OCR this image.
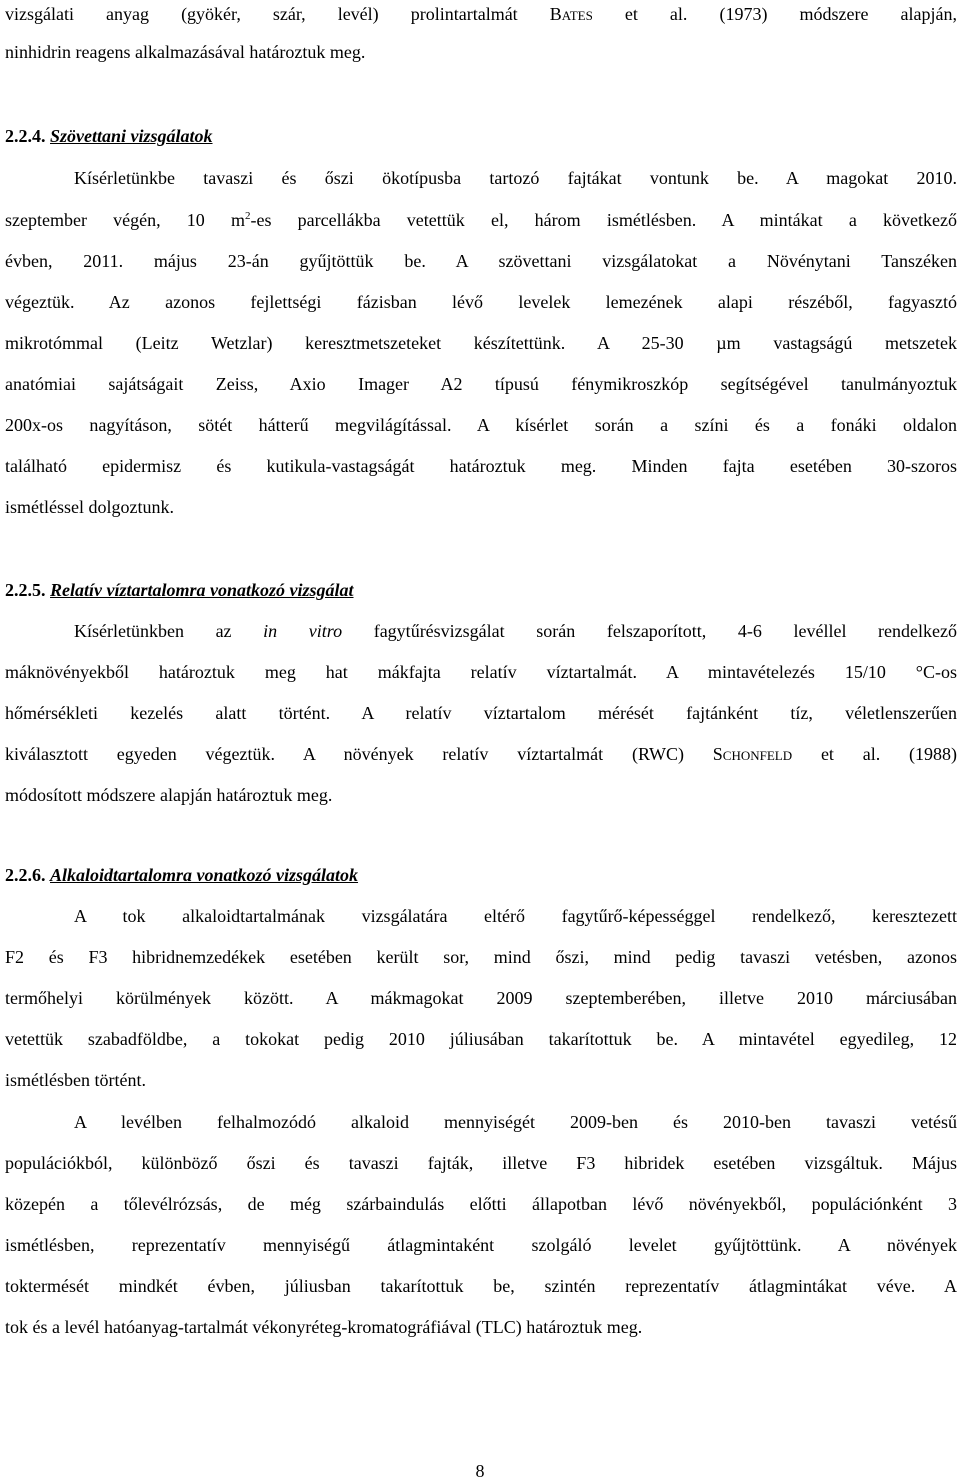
vizsgálati anyag (gyökér, szár, levél) prolintartalmát BATES et al. (1973) módszere alapján,
ninhidrin reagens alkalmazásával határoztuk meg.
2.2.4. Szövettani vizsgálatok
Kísérletünkbe tavaszi és őszi ökotípusba tartozó fajtákat vontunk be. A magokat 2010.
szeptember végén, 10 $m^2-es$ parcellákba vetettük el, három ismétlésben. A mintákat a következő
évben, 2011. május 23-án gyűjtöttük be. A szövettani vizsgálatokat a Növénytani Tanszéken
végeztük. Az azonos fejlettségi fázisban lévő levelek lemezének alapi részéből, fagyasztó
mikrotómmal (Leitz Wetzlar) keresztmetszeteket készítettünk. A 25-30 µm vastagságú metszetek
anatómiai sajátságait Zeiss, Axio Imager A2 típusú fénymikroszkóp segítségével tanulmányoztuk
200x-os nagyításon, sötét hátterű megvilágítással. A kísérlet során a színi és a fonáki oldalon
található epidermisz és kutikula-vastagságát határoztuk meg. Minden fajta esetében 30-szoros
ismétléssel dolgoztunk.
2.2.5. Relatív víztartalomra vonatkozó vizsgálat
Kísérletünkben az in vitro fagytűrésvizsgálat során felszaporított, 4-6 levéllel rendelkező
máknövényekből határoztuk meg hat mákfajta relatív víztartalmát. A mintavételezés 15/10 °C-os
hőmérsékleti kezelés alatt történt. A relatív víztartalom mérését fajtánként tíz, véletlenszerűen
kiválasztott egyeden végeztük. A növények relatív víztartalmát (RWC) SCHONFELD et al. (1988)
módosított módszere alapján határoztuk meg.
2.2.6. Alkaloidtartalomra vonatkozó vizsgálatok
A tok alkaloidtartalmának vizsgálatára eltérő fagytűrő-képességgel rendelkező, keresztezett
F2 és F3 hibridnemzedékek esetében került sor, mind őszi, mind pedig tavaszi vetésben, azonos
termőhelyi körülmények között. A mákmagokat 2009 szeptemberében, illetve 2010 márciusában
vetettük szabadföldbe, a tokokat pedig 2010 júliusában takarítottuk be. A mintavétel egyedileg, 12
ismétlésben történt.
A levélben felhalmozódó alkaloid mennyiségét 2009-ben és 2010-ben tavaszi vetésű
populációkból, különböző őszi és tavaszi fajták, illetve F3 hibridek esetében vizsgáltuk. Május
közepén a tőlevélrózsás, de még szárbaindulás előtti állapotban lévő növényekből, populációnként 3
ismétlésben, reprezentatív mennyiségű átlagmintaként szolgáló levelet gyűjtöttünk. A növények
toktermését mindkét évben, júliusban takarítottuk be, szintén reprezentatív átlagmintákat véve. A
tok és a levél hatóanyag-tartalmát vékonyréteg-kromatográfiával (TLC) határoztuk meg.
8
